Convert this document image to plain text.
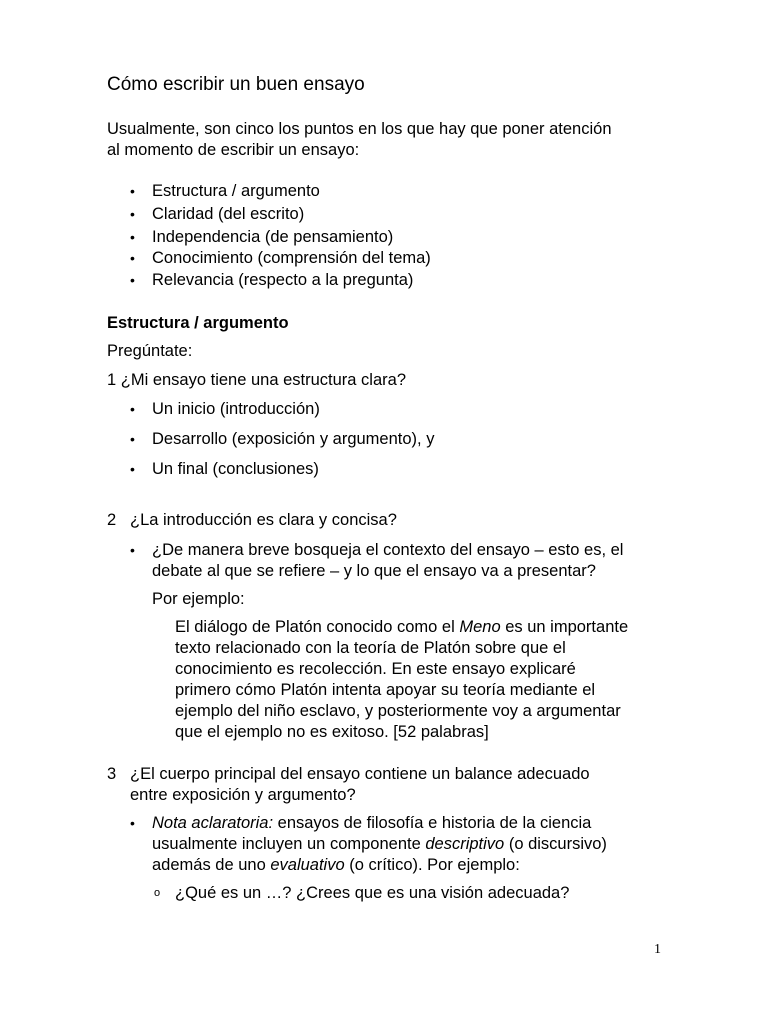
Cómo escribir un buen ensayo
Usualmente, son cinco los puntos en los que hay que poner atención
al momento de escribir un ensayo:
• Estructura / argumento
• Claridad (del escrito)
• Independencia (de pensamiento)
• Conocimiento (comprensión del tema)
• Relevancia (respecto a la pregunta)
Estructura / argumento
Pregúntate:
1 ¿Mi ensayo tiene una estructura clara?
• Un inicio (introducción)
• Desarrollo (exposición y argumento), y
• Un final (conclusiones)
2 ¿La introducción es clara y concisa?
• ¿De manera breve bosqueja el contexto del ensayo – esto es, el
debate al que se refiere – y lo que el ensayo va a presentar?
Por ejemplo:
El diálogo de Platón conocido como el Meno es un importante
texto relacionado con la teoría de Platón sobre que el
conocimiento es recolección. En este ensayo explicaré
primero cómo Platón intenta apoyar su teoría mediante el
ejemplo del niño esclavo, y posteriormente voy a argumentar
que el ejemplo no es exitoso. [52 palabras]
3 ¿El cuerpo principal del ensayo contiene un balance adecuado
entre exposición y argumento?
• Nota aclaratoria: ensayos de filosofía e historia de la ciencia
usualmente incluyen un componente descriptivo (o discursivo)
además de uno evaluativo (o crítico). Por ejemplo:
o ¿Qué es un …? ¿Crees que es una visión adecuada?
1
